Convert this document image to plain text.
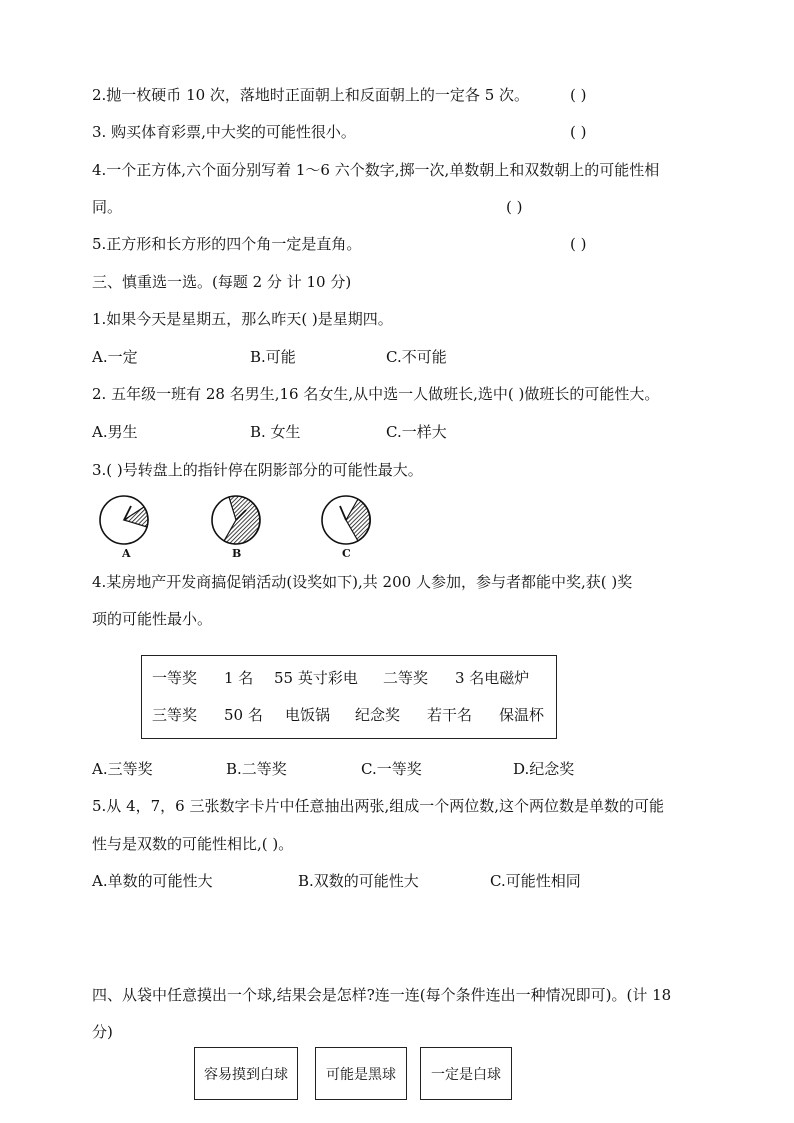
2.抛一枚硬币 10 次，落地时正面朝上和反面朝上的一定各 5 次。	( )
3. 购买体育彩票,中大奖的可能性很小。	( )
4.一个正方体,六个面分别写着 1～6 六个数字,掷一次,单数朝上和双数朝上的可能性相
同。	( )
5.正方形和长方形的四个角一定是直角。	( )
三、慎重选一选。(每题 2 分 计 10 分)
1.如果今天是星期五，那么昨天( )是星期四。
A.一定	B.可能	C.不可能
2. 五年级一班有 28 名男生,16 名女生,从中选一人做班长,选中( )做班长的可能性大。
A.男生	B. 女生	C.一样大
3.( )号转盘上的指针停在阴影部分的可能性最大。
A	B	C
4.某房地产开发商搞促销活动(设奖如下),共 200 人参加，参与者都能中奖,获( )奖
项的可能性最小。
一等奖 1 名 55 英寸彩电 二等奖 3 名电磁炉
三等奖 50 名 电饭锅 纪念奖 若干名 保温杯
A.三等奖	B.二等奖	C.一等奖	D.纪念奖
5.从 4，7，6 三张数字卡片中任意抽出两张,组成一个两位数,这个两位数是单数的可能
性与是双数的可能性相比,( )。
A.单数的可能性大	B.双数的可能性大	C.可能性相同
四、从袋中任意摸出一个球,结果会是怎样?连一连(每个条件连出一种情况即可)。(计 18
分)
容易摸到白球	可能是黑球	一定是白球
